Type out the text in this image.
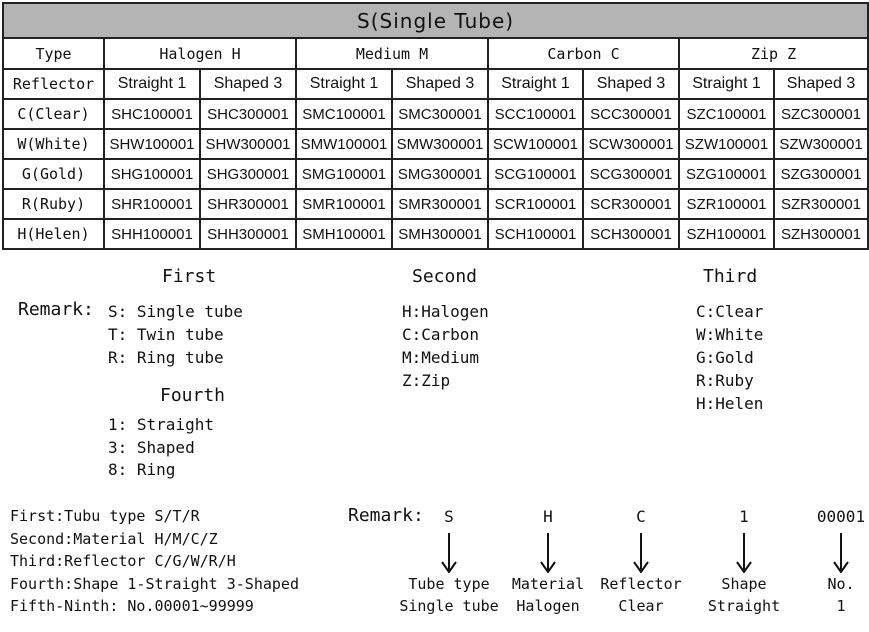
S(Single Tube)								
Type	Halogen H		Medium M		Carbon C		Zip Z	
Reflector	Straight 1	Shaped 3	Straight 1	Shaped 3	Straight 1	Shaped 3	Straight 1	Shaped 3
C(Clear)	SHC100001	SHC300001	SMC100001	SMC300001	SCC100001	SCC300001	SZC100001	SZC300001
W(White)	SHW100001	SHW300001	SMW100001	SMW300001	SCW100001	SCW300001	SZW100001	SZW300001
G(Gold)	SHG100001	SHG300001	SMG100001	SMG300001	SCG100001	SCG300001	SZG100001	SZG300001
R(Ruby)	SHR100001	SHR300001	SMR100001	SMR300001	SCR100001	SCR300001	SZR100001	SZR300001
H(Helen)	SHH100001	SHH300001	SMH100001	SMH300001	SCH100001	SCH300001	SZH100001	SZH300001
First	Second	Third
Remark: S: Single tube
T: Twin tube
R: Ring tube
H:Halogen
C:Carbon
M:Medium
Z:Zip
C:Clear
W:White
G:Gold
R:Ruby
H:Helen
Fourth
1: Straight
3: Shaped
8: Ring
First:Tubu type S/T/R
Second:Material H/M/C/Z
Third:Reflector C/G/W/R/H
Fourth:Shape 1-Straight 3-Shaped
Fifth-Ninth: No.00001~99999
Remark:	S
Tube type
Single tube
H
Material
Halogen
C
Reflector
Clear
1
Shape
Straight
00001
No.
1
